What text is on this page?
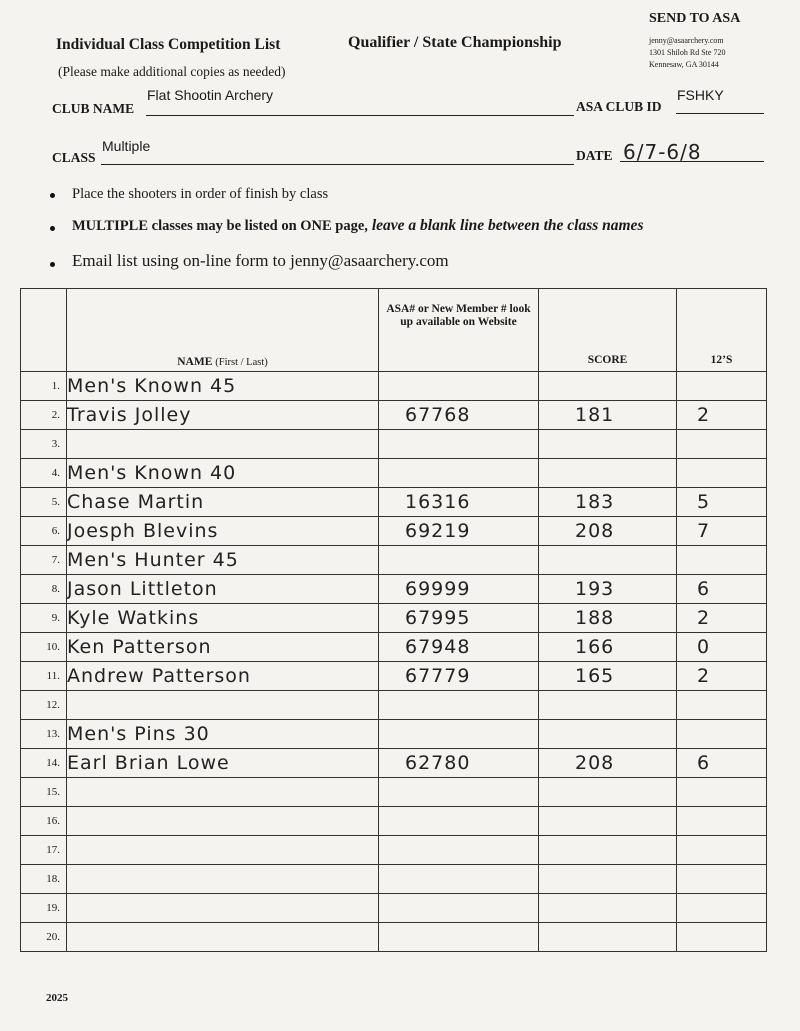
SEND TO ASA
jenny@asaarchery.com
1301 Shiloh Rd Ste 720
Kennesaw, GA 30144
Individual Class Competition List	Qualifier / State Championship
(Please make additional copies as needed)
CLUB NAME
Flat Shootin Archery
ASA CLUB ID
FSHKY
CLASS
Multiple
DATE 6/7-6/8
Place the shooters in order of finish by class
MULTIPLE classes may be listed on ONE page, leave a blank line between the class names
Email list using on-line form to jenny@asaarchery.com
	NAME (First / Last)	ASA# or New Member # look up available on Website	SCORE	12’S
1.	Men's Known 45			
2.	Travis Jolley	67768	181	2
3.				
4.	Men's Known 40			
5.	Chase Martin	16316	183	5
6.	Joesph Blevins	69219	208	7
7.	Men's Hunter 45			
8.	Jason Littleton	69999	193	6
9.	Kyle Watkins	67995	188	2
10.	Ken Patterson	67948	166	0
11.	Andrew Patterson	67779	165	2
12.				
13.	Men's Pins 30			
14.	Earl Brian Lowe	62780	208	6
15.				
16.				
17.				
18.				
19.				
20.				
2025
